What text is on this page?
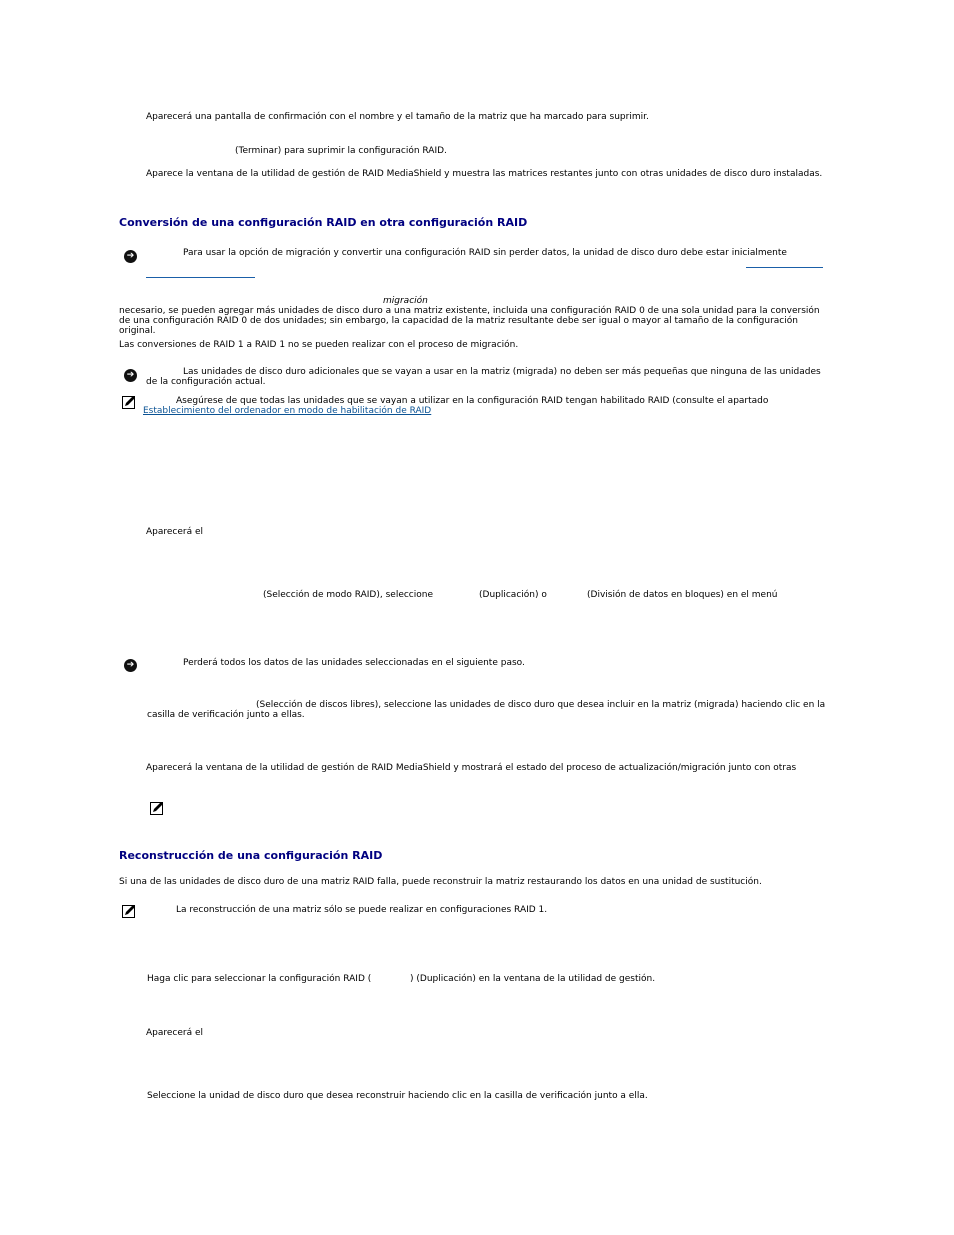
Aparecerá una pantalla de confirmación con el nombre y el tamaño de la matriz que ha marcado para suprimir.
(Terminar) para suprimir la configuración RAID.
Aparece la ventana de la utilidad de gestión de RAID MediaShield y muestra las matrices restantes junto con otras unidades de disco duro instaladas.
Conversión de una configuración RAID en otra configuración RAID
➔	Para usar la opción de migración y convertir una configuración RAID sin perder datos, la unidad de disco duro debe estar inicialmente
migración
necesario, se pueden agregar más unidades de disco duro a una matriz existente, incluida una configuración RAID 0 de una sola unidad para la conversión de una configuración RAID 0 de dos unidades; sin embargo, la capacidad de la matriz resultante debe ser igual o mayor al tamaño de la configuración original.
Las conversiones de RAID 1 a RAID 1 no se pueden realizar con el proceso de migración.
➔	Las unidades de disco duro adicionales que se vayan a usar en la matriz (migrada) no deben ser más pequeñas que ninguna de las unidades de la configuración actual.
Asegúrese de que todas las unidades que se vayan a utilizar en la configuración RAID tengan habilitado RAID (consulte el apartado
Establecimiento del ordenador en modo de habilitación de RAID
Aparecerá el
(Selección de modo RAID), seleccione	(Duplicación) o	(División de datos en bloques) en el menú
➔	Perderá todos los datos de las unidades seleccionadas en el siguiente paso.
(Selección de discos libres), seleccione las unidades de disco duro que desea incluir en la matriz (migrada) haciendo clic en la casilla de verificación junto a ellas.
Aparecerá la ventana de la utilidad de gestión de RAID MediaShield y mostrará el estado del proceso de actualización/migración junto con otras
Reconstrucción de una configuración RAID
Si una de las unidades de disco duro de una matriz RAID falla, puede reconstruir la matriz restaurando los datos en una unidad de sustitución.
La reconstrucción de una matriz sólo se puede realizar en configuraciones RAID 1.
Haga clic para seleccionar la configuración RAID (	) (Duplicación) en la ventana de la utilidad de gestión.
Aparecerá el
Seleccione la unidad de disco duro que desea reconstruir haciendo clic en la casilla de verificación junto a ella.
